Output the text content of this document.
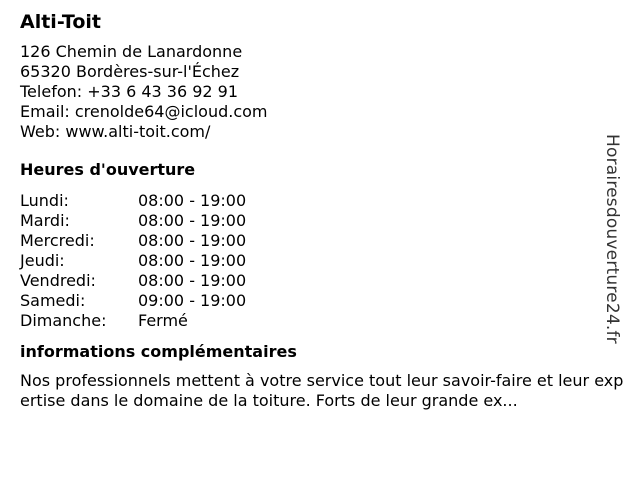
Alti-Toit
126 Chemin de Lanardonne
65320 Bordères-sur-l'Échez
Telefon: +33 6 43 36 92 91
Email: crenolde64@icloud.com
Web: www.alti-toit.com/
Heures d'ouverture
Lundi:	08:00 - 19:00
Mardi:	08:00 - 19:00
Mercredi:	08:00 - 19:00
Jeudi:	08:00 - 19:00
Vendredi:	08:00 - 19:00
Samedi:	09:00 - 19:00
Dimanche:	Fermé
informations complémentaires
Nos professionnels mettent à votre service tout leur savoir-faire et leur expertise dans le domaine de la toiture. Forts de leur grande ex...
Horairesdouverture24.fr
